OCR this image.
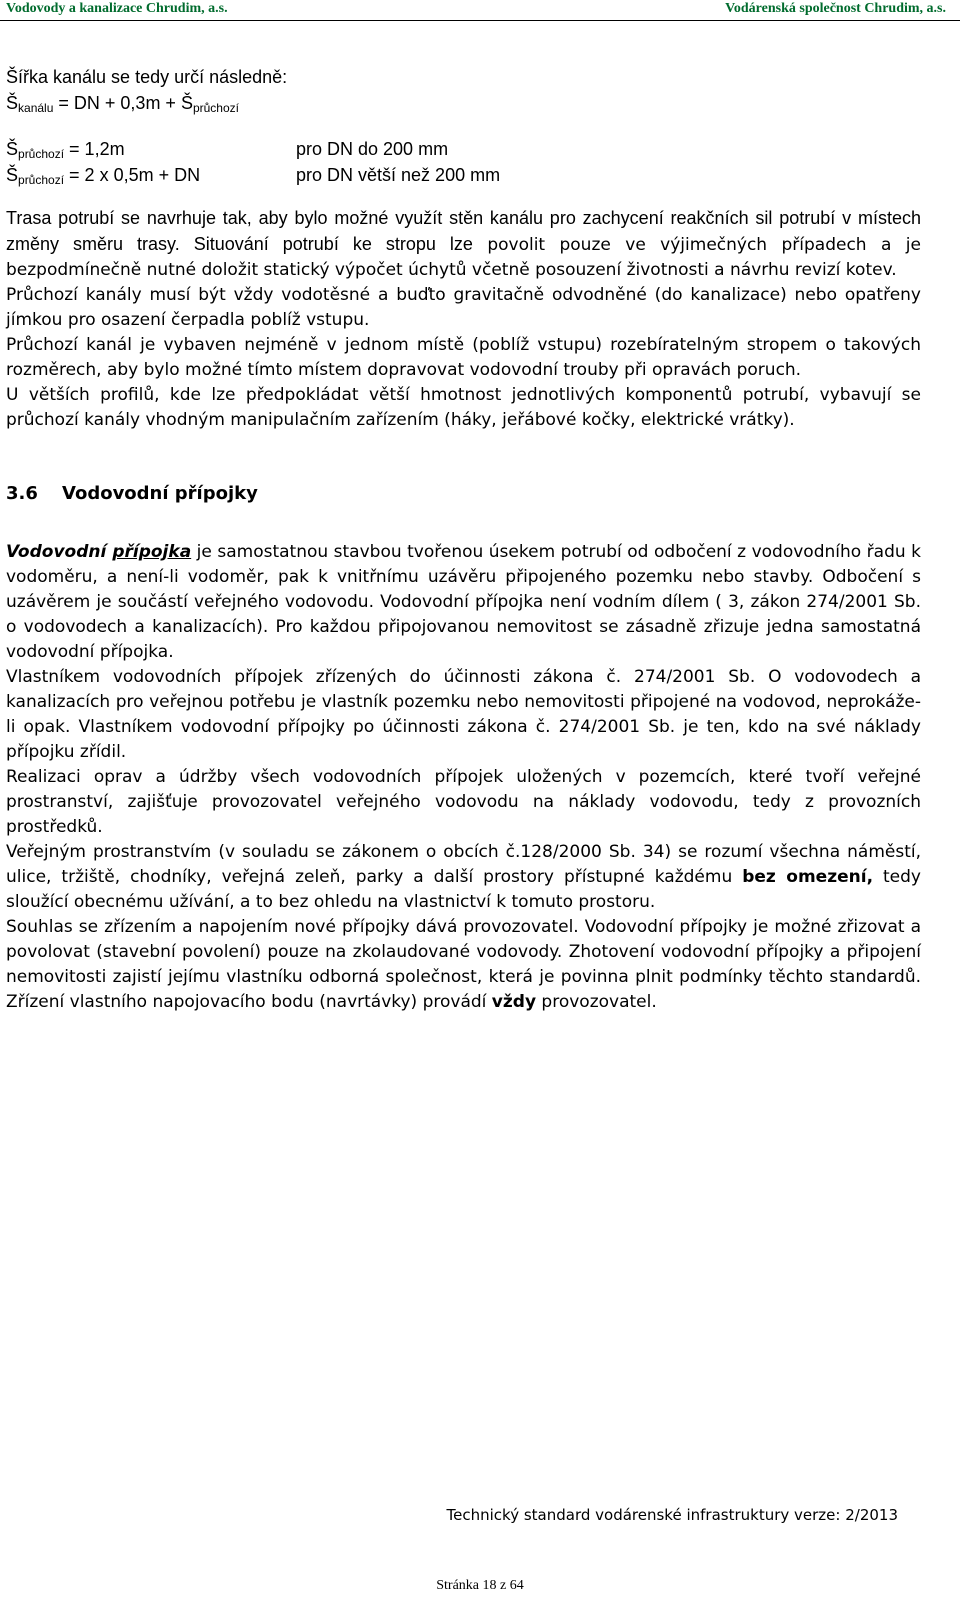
Vodovody a kanalizace Chrudim, a.s.	Vodárenská společnost Chrudim, a.s.
Šířka kanálu se tedy určí následně:
$Š_{kanálu}$ = DN + $0,3m + Š_{průchozí}$
$Š_{průchozí} = 1,2m$	pro DN do 200 mm
$Š_{průchozí} = 2$ x 0,5m + DN	pro DN větší než 200 mm

Trasa potrubí se navrhuje tak, aby bylo možné využít stěn kanálu pro zachycení reakčních sil potrubí v místech změny směru trasy. Situování potrubí ke stropu lze povolit pouze ve výjimečných případech a je bezpodmínečně nutné doložit statický výpočet úchytů včetně posouzení životnosti a návrhu revizí kotev.

Průchozí kanály musí být vždy vodotěsné a buďto gravitačně odvodněné (do kanalizace) nebo opatřeny jímkou pro osazení čerpadla poblíž vstupu.

Průchozí kanál je vybaven nejméně v jednom místě (poblíž vstupu) rozebíratelným stropem o takových rozměrech, aby bylo možné tímto místem dopravovat vodovodní trouby při opravách poruch.

U větších profilů, kde lze předpokládat větší hmotnost jednotlivých komponentů potrubí, vybavují se průchozí kanály vhodným manipulačním zařízením (háky, jeřábové kočky, elektrické vrátky).

3.6 Vodovodní přípojky

Vodovodní přípojka je samostatnou stavbou tvořenou úsekem potrubí od odbočení z vodovodního řadu k vodoměru, a není-li vodoměr, pak k vnitřnímu uzávěru připojeného pozemku nebo stavby. Odbočení s uzávěrem je součástí veřejného vodovodu. Vodovodní přípojka není vodním dílem ( 3, zákon 274/2001 Sb. o vodovodech a kanalizacích). Pro každou připojovanou nemovitost se zásadně zřizuje jedna samostatná vodovodní přípojka.

Vlastníkem vodovodních přípojek zřízených do účinnosti zákona č. 274/2001 Sb. O vodovodech a kanalizacích pro veřejnou potřebu je vlastník pozemku nebo nemovitosti připojené na vodovod, neprokáže-li opak. Vlastníkem vodovodní přípojky po účinnosti zákona č. 274/2001 Sb. je ten, kdo na své náklady přípojku zřídil.

Realizaci oprav a údržby všech vodovodních přípojek uložených v pozemcích, které tvoří veřejné prostranství, zajišťuje provozovatel veřejného vodovodu na náklady vodovodu, tedy z provozních prostředků.

Veřejným prostranstvím (v souladu se zákonem o obcích č.128/2000 Sb. 34) se rozumí všechna náměstí, ulice, tržiště, chodníky, veřejná zeleň, parky a další prostory přístupné každému bez omezení, tedy sloužící obecnému užívání, a to bez ohledu na vlastnictví k tomuto prostoru.

Souhlas se zřízením a napojením nové přípojky dává provozovatel. Vodovodní přípojky je možné zřizovat a povolovat (stavební povolení) pouze na zkolaudované vodovody. Zhotovení vodovodní přípojky a připojení nemovitosti zajistí jejímu vlastníku odborná společnost, která je povinna plnit podmínky těchto standardů. Zřízení vlastního napojovacího bodu (navrtávky) provádí vždy provozovatel.

Technický standard vodárenské infrastruktury verze: 2/2013
Stránka 18 z 64
